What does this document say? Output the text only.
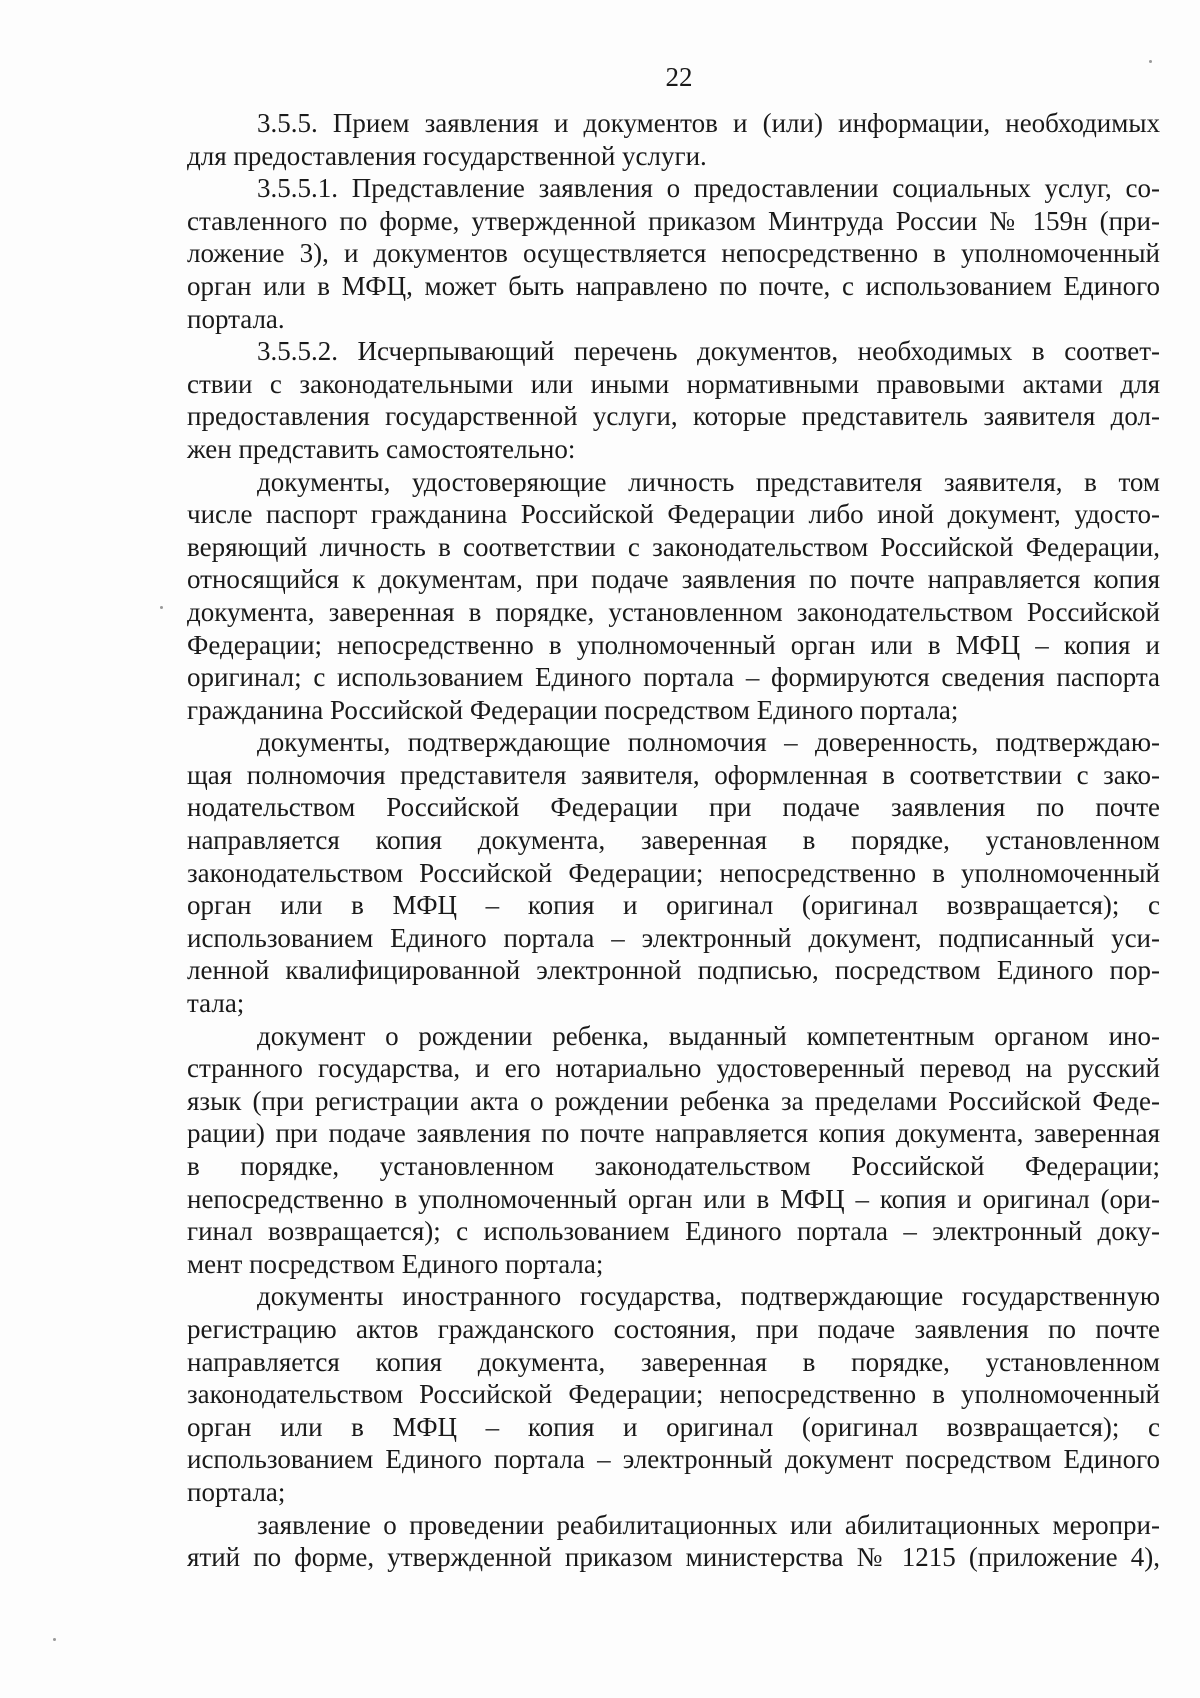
22

3.5.5. Прием заявления и документов и (или) информации, необходимых
для предоставления государственной услуги.

3.5.5.1. Представление заявления о предоставлении социальных услуг, со-
ставленного по форме, утвержденной приказом Минтруда России № 159н (при-
ложение 3), и документов осуществляется непосредственно в уполномоченный
орган или в МФЦ, может быть направлено по почте, с использованием Единого
портала.

3.5.5.2. Исчерпывающий перечень документов, необходимых в соответ-
ствии с законодательными или иными нормативными правовыми актами для
предоставления государственной услуги, которые представитель заявителя дол-
жен представить самостоятельно:

документы, удостоверяющие личность представителя заявителя, в том
числе паспорт гражданина Российской Федерации либо иной документ, удосто-
веряющий личность в соответствии с законодательством Российской Федерации,
относящийся к документам, при подаче заявления по почте направляется копия
документа, заверенная в порядке, установленном законодательством Российской
Федерации; непосредственно в уполномоченный орган или в МФЦ – копия и
оригинал; с использованием Единого портала – формируются сведения паспорта
гражданина Российской Федерации посредством Единого портала;

документы, подтверждающие полномочия – доверенность, подтверждаю-
щая полномочия представителя заявителя, оформленная в соответствии с зако-
нодательством Российской Федерации при подаче заявления по почте
направляется копия документа, заверенная в порядке, установленном
законодательством Российской Федерации; непосредственно в уполномоченный
орган или в МФЦ – копия и оригинал (оригинал возвращается); с
использованием Единого портала – электронный документ, подписанный уси-
ленной квалифицированной электронной подписью, посредством Единого пор-
тала;

документ о рождении ребенка, выданный компетентным органом ино-
странного государства, и его нотариально удостоверенный перевод на русский
язык (при регистрации акта о рождении ребенка за пределами Российской Феде-
рации) при подаче заявления по почте направляется копия документа, заверенная
в порядке, установленном законодательством Российской Федерации;
непосредственно в уполномоченный орган или в МФЦ – копия и оригинал (ори-
гинал возвращается); с использованием Единого портала – электронный доку-
мент посредством Единого портала;

документы иностранного государства, подтверждающие государственную
регистрацию актов гражданского состояния, при подаче заявления по почте
направляется копия документа, заверенная в порядке, установленном
законодательством Российской Федерации; непосредственно в уполномоченный
орган или в МФЦ – копия и оригинал (оригинал возвращается); с
использованием Единого портала – электронный документ посредством Единого
портала;

заявление о проведении реабилитационных или абилитационных меропри-
ятий по форме, утвержденной приказом министерства № 1215 (приложение 4),
